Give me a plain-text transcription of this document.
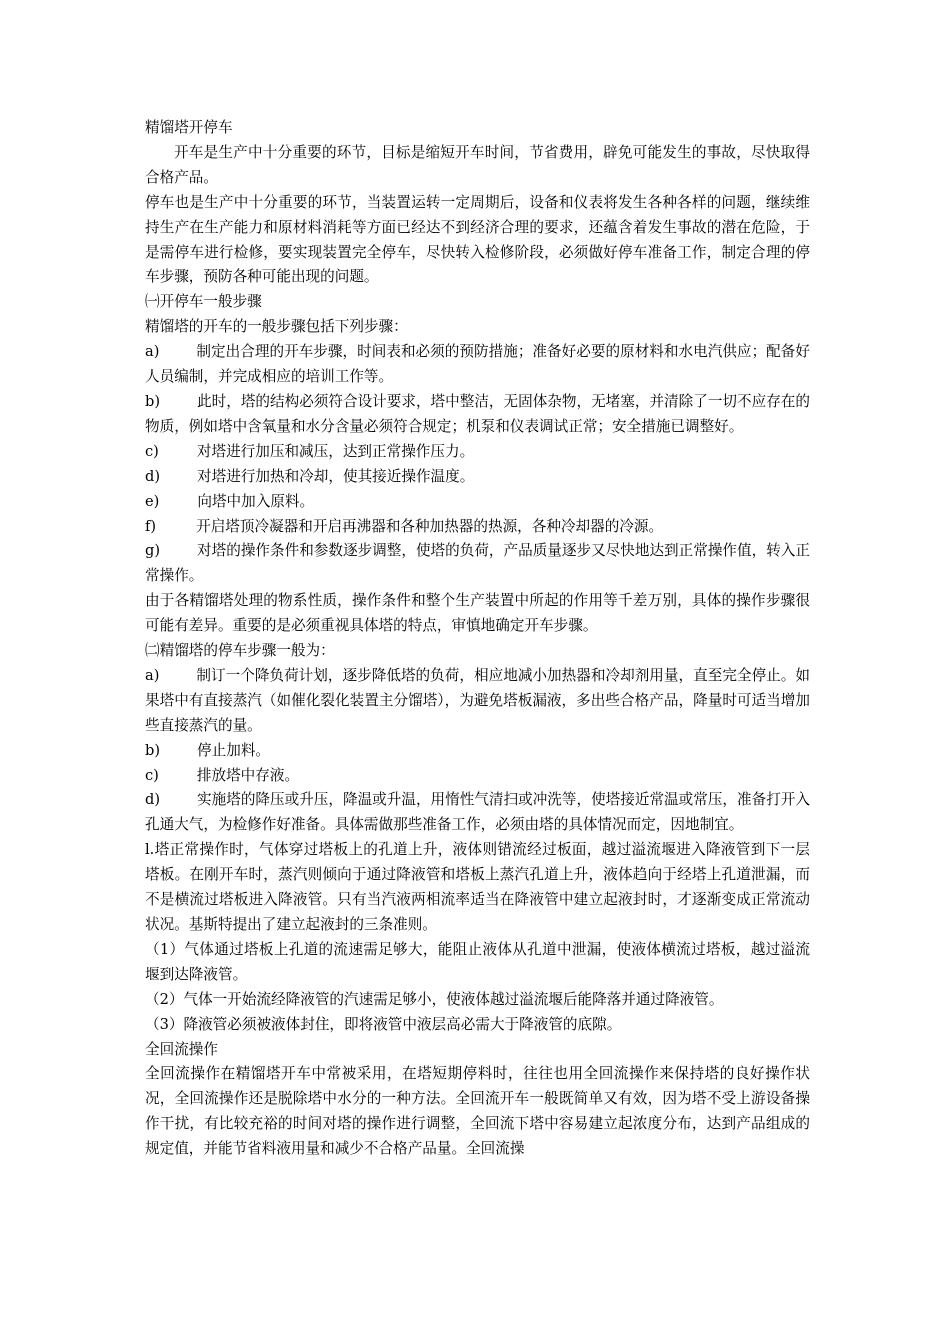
精馏塔开停车

开车是生产中十分重要的环节，目标是缩短开车时间，节省费用，辟免可能发生的事故，尽快取得合格产品。

停车也是生产中十分重要的环节，当装置运转一定周期后，设备和仪表将发生各种各样的问题，继续维持生产在生产能力和原材料消耗等方面已经达不到经济合理的要求，还蕴含着发生事故的潜在危险，于是需停车进行检修，要实现装置完全停车，尽快转入检修阶段，必须做好停车准备工作，制定合理的停车步骤，预防各种可能出现的问题。

㈠开停车一般步骤

精馏塔的开车的一般步骤包括下列步骤：

a)	制定出合理的开车步骤，时间表和必须的预防措施；准备好必要的原材料和水电汽供应；配备好人员编制，并完成相应的培训工作等。
b)	此时，塔的结构必须符合设计要求，塔中整洁，无固体杂物，无堵塞，并清除了一切不应存在的物质，例如塔中含氧量和水分含量必须符合规定；机泵和仪表调试正常；安全措施已调整好。
c)	对塔进行加压和减压，达到正常操作压力。
d)	对塔进行加热和冷却，使其接近操作温度。
e)	向塔中加入原料。
f)	开启塔顶冷凝器和开启再沸器和各种加热器的热源，各种冷却器的冷源。
g)	对塔的操作条件和参数逐步调整，使塔的负荷，产品质量逐步又尽快地达到正常操作值，转入正常操作。

由于各精馏塔处理的物系性质，操作条件和整个生产装置中所起的作用等千差万别，具体的操作步骤很可能有差异。重要的是必须重视具体塔的特点，审慎地确定开车步骤。

㈡精馏塔的停车步骤一般为：

a)	制订一个降负荷计划，逐步降低塔的负荷，相应地减小加热器和冷却剂用量，直至完全停止。如果塔中有直接蒸汽（如催化裂化装置主分馏塔），为避免塔板漏液，多出些合格产品，降量时可适当增加些直接蒸汽的量。
b)	停止加料。
c)	排放塔中存液。
d)	实施塔的降压或升压，降温或升温，用惰性气清扫或冲洗等，使塔接近常温或常压，准备打开入孔通大气，为检修作好准备。具体需做那些准备工作，必须由塔的具体情况而定，因地制宜。

l.塔正常操作时，气体穿过塔板上的孔道上升，液体则错流经过板面，越过溢流堰进入降液管到下一层塔板。在刚开车时，蒸汽则倾向于通过降液管和塔板上蒸汽孔道上升，液体趋向于经塔上孔道泄漏，而不是横流过塔板进入降液管。只有当汽液两相流率适当在降液管中建立起液封时，才逐渐变成正常流动状况。基斯特提出了建立起液封的三条准则。

（1）气体通过塔板上孔道的流速需足够大，能阻止液体从孔道中泄漏，使液体横流过塔板，越过溢流堰到达降液管。

（2）气体一开始流经降液管的汽速需足够小，使液体越过溢流堰后能降落并通过降液管。

（3）降液管必须被液体封住，即将液管中液层高必需大于降液管的底隙。

全回流操作

全回流操作在精馏塔开车中常被采用，在塔短期停料时，往往也用全回流操作来保持塔的良好操作状况，全回流操作还是脱除塔中水分的一种方法。全回流开车一般既简单又有效，因为塔不受上游设备操作干扰，有比较充裕的时间对塔的操作进行调整，全回流下塔中容易建立起浓度分布，达到产品组成的规定值，并能节省料液用量和减少不合格产品量。全回流操
